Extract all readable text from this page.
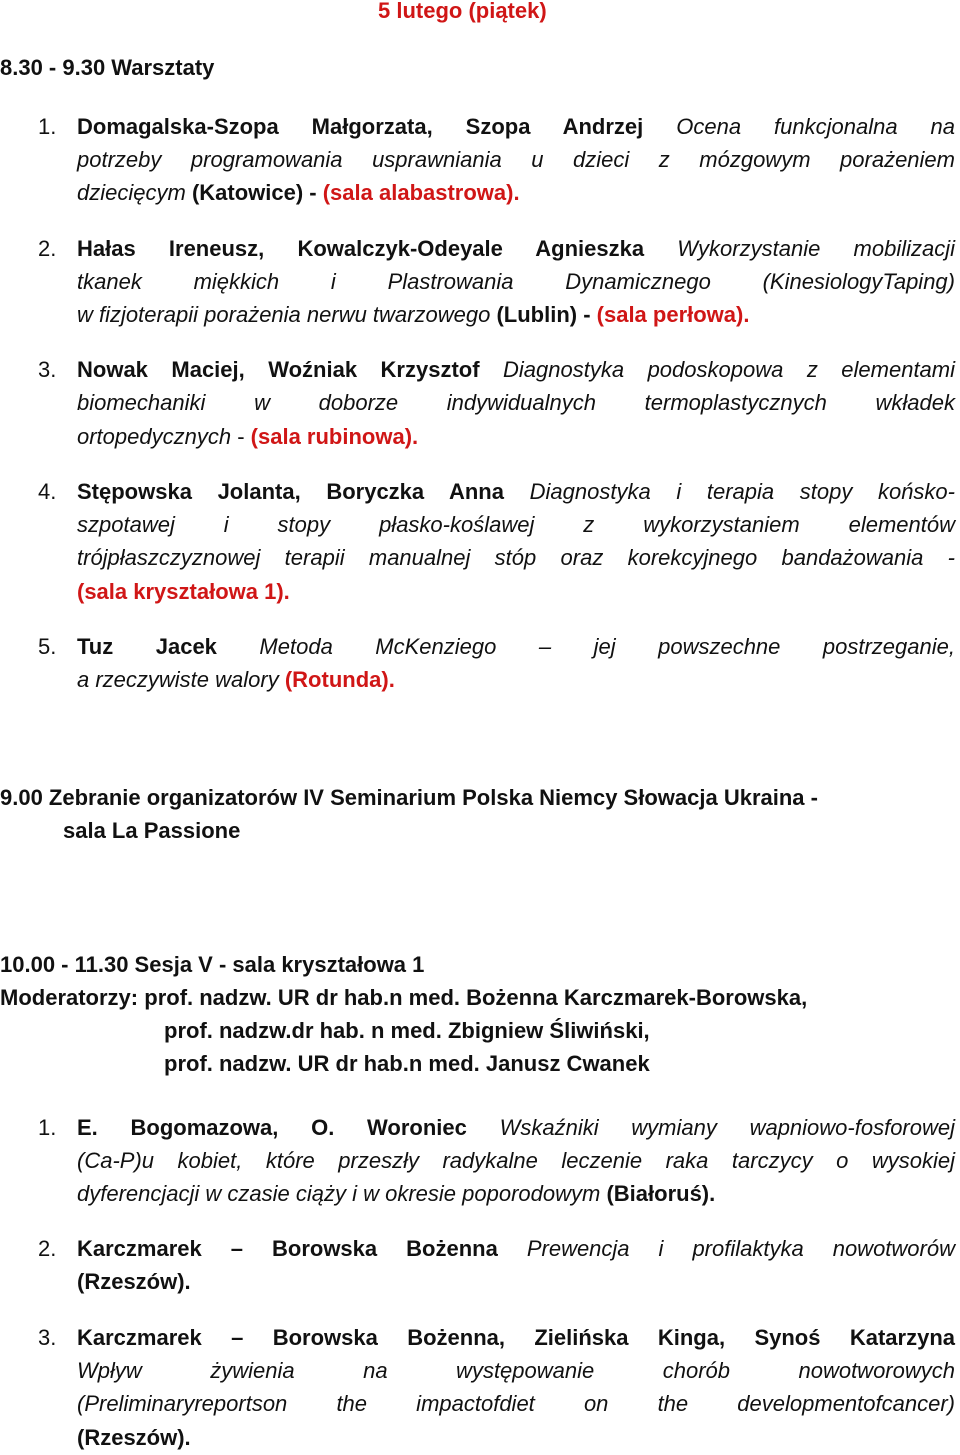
5 lutego (piątek)
8.30 - 9.30 Warsztaty
1. Domagalska-Szopa Małgorzata, Szopa Andrzej Ocena funkcjonalna na
potrzeby programowania usprawniania u dzieci z mózgowym porażeniem
dziecięcym (Katowice) - (sala alabastrowa).
2. Hałas Ireneusz, Kowalczyk-Odeyale Agnieszka Wykorzystanie mobilizacji
tkanek miękkich i Plastrowania Dynamicznego (KinesiologyTaping)
w fizjoterapii porażenia nerwu twarzowego (Lublin) - (sala perłowa).
3. Nowak Maciej, Woźniak Krzysztof Diagnostyka podoskopowa z elementami
biomechaniki w doborze indywidualnych termoplastycznych wkładek
ortopedycznych - (sala rubinowa).
4. Stępowska Jolanta, Boryczka Anna Diagnostyka i terapia stopy końsko-
szpotawej i stopy płasko-koślawej z wykorzystaniem elementów
trójpłaszczyznowej terapii manualnej stóp oraz korekcyjnego bandażowania -
(sala kryształowa 1).
5. Tuz Jacek Metoda McKenziego – jej powszechne postrzeganie,
a rzeczywiste walory (Rotunda).
9.00 Zebranie organizatorów IV Seminarium Polska Niemcy Słowacja Ukraina -
sala La Passione
10.00 - 11.30 Sesja V - sala kryształowa 1
Moderatorzy: prof. nadzw. UR dr hab.n med. Bożenna Karczmarek-Borowska,
prof. nadzw.dr hab. n med. Zbigniew Śliwiński,
prof. nadzw. UR dr hab.n med. Janusz Cwanek
1. E. Bogomazowa, O. Woroniec Wskaźniki wymiany wapniowo-fosforowej
(Ca-P)u kobiet, które przeszły radykalne leczenie raka tarczycy o wysokiej
dyferencjacji w czasie ciąży i w okresie poporodowym (Białoruś).
2. Karczmarek – Borowska Bożenna Prewencja i profilaktyka nowotworów
(Rzeszów).
3. Karczmarek – Borowska Bożenna, Zielińska Kinga, Synoś Katarzyna
Wpływ żywienia na występowanie chorób nowotworowych
(Preliminaryreportson the impactofdiet on the developmentofcancer)
(Rzeszów).
